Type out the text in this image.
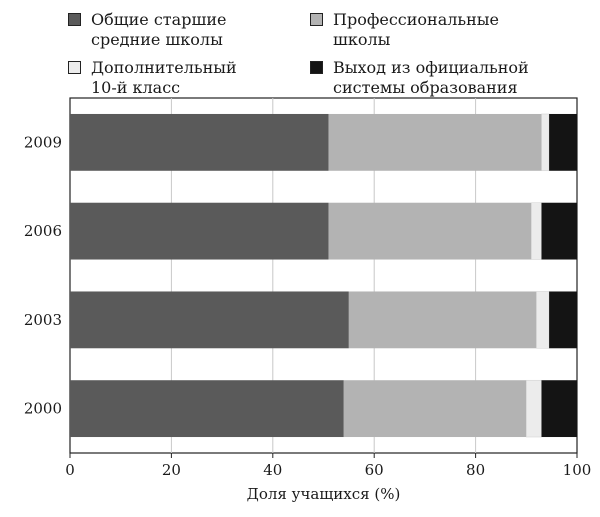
Общие старшие
средние школы
Профессиональные
школы
Дополнительный
10-й класс
Выход из официальной
системы образования
2009
2006
2003
2000
0	20	40	60	80	100
Доля учащихся (%)
